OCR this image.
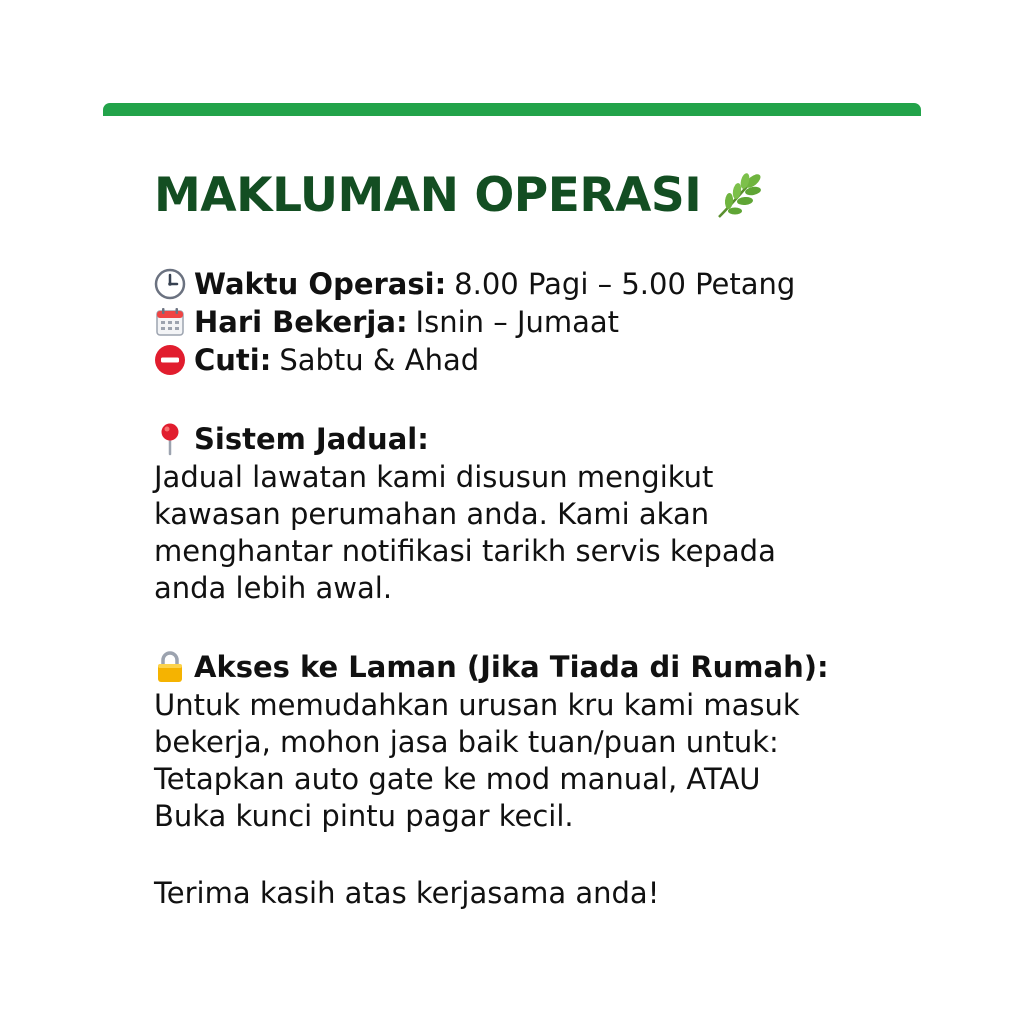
MAKLUMAN OPERASI
Waktu Operasi: 8.00 Pagi – 5.00 Petang
Hari Bekerja: Isnin – Jumaat
Cuti: Sabtu & Ahad
Sistem Jadual:
Jadual lawatan kami disusun mengikut
kawasan perumahan anda. Kami akan
menghantar notifikasi tarikh servis kepada
anda lebih awal.
Akses ke Laman (Jika Tiada di Rumah):
Untuk memudahkan urusan kru kami masuk
bekerja, mohon jasa baik tuan/puan untuk:
Tetapkan auto gate ke mod manual, ATAU
Buka kunci pintu pagar kecil.
Terima kasih atas kerjasama anda!
